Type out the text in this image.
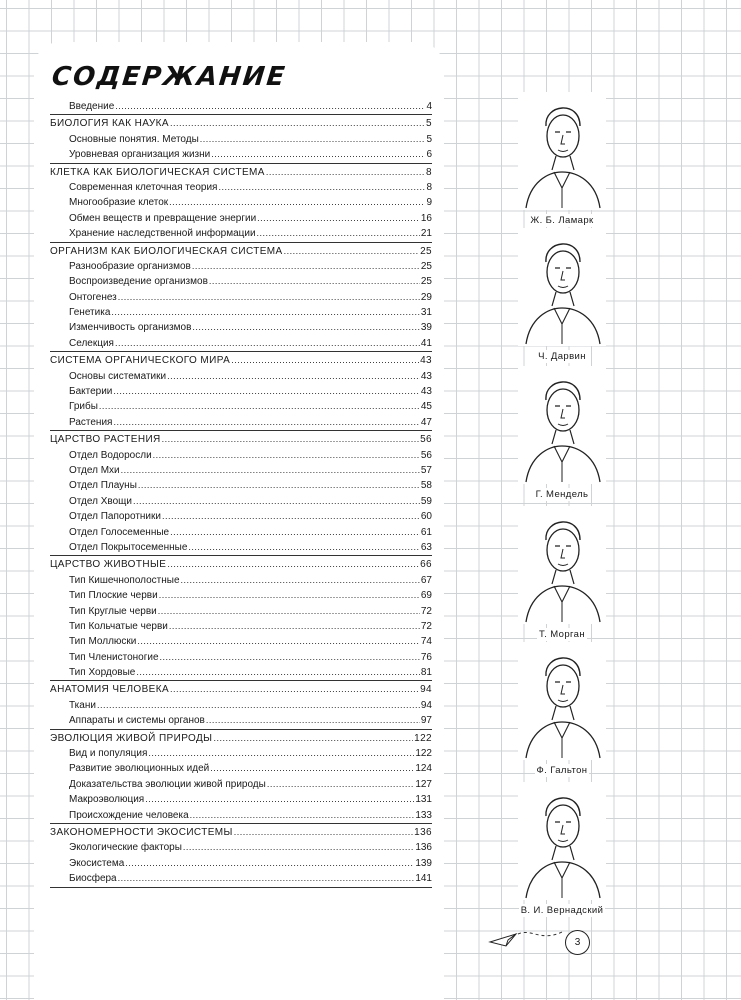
СОДЕРЖАНИЕ
Введение .....	4
БИОЛОГИЯ КАК НАУКА .....	5
Основные понятия. Методы .....	5
Уровневая организация жизни .....	6
КЛЕТКА КАК БИОЛОГИЧЕСКАЯ СИСТЕМА .....	8
Современная клеточная теория .....	8
Многообразие клеток .....	9
Обмен веществ и превращение энергии .....	16
Хранение наследственной информации .....	21
ОРГАНИЗМ КАК БИОЛОГИЧЕСКАЯ СИСТЕМА .....	25
Разнообразие организмов .....	25
Воспроизведение организмов .....	25
Онтогенез .....	29
Генетика .....	31
Изменчивость организмов .....	39
Селекция .....	41
СИСТЕМА ОРГАНИЧЕСКОГО МИРА .....	43
Основы систематики .....	43
Бактерии .....	43
Грибы .....	45
Растения .....	47
ЦАРСТВО РАСТЕНИЯ .....	56
Отдел Водоросли .....	56
Отдел Мхи .....	57
Отдел Плауны .....	58
Отдел Хвощи .....	59
Отдел Папоротники .....	60
Отдел Голосеменные .....	61
Отдел Покрытосеменные .....	63
ЦАРСТВО ЖИВОТНЫЕ .....	66
Тип Кишечнополостные .....	67
Тип Плоские черви .....	69
Тип Круглые черви .....	72
Тип Кольчатые черви .....	72
Тип Моллюски .....	74
Тип Членистоногие .....	76
Тип Хордовые .....	81
АНАТОМИЯ ЧЕЛОВЕКА .....	94
Ткани .....	94
Аппараты и системы органов .....	97
ЭВОЛЮЦИЯ ЖИВОЙ ПРИРОДЫ .....	122
Вид и популяция .....	122
Развитие эволюционных идей .....	124
Доказательства эволюции живой природы .....	127
Макроэволюция .....	131
Происхождение человека .....	133
ЗАКОНОМЕРНОСТИ ЭКОСИСТЕМЫ .....	136
Экологические факторы .....	136
Экосистема .....	139
Биосфера .....	141
Ж. Б. Ламарк
Ч. Дарвин
Г. Мендель
Т. Морган
Ф. Гальтон
В. И. Вернадский
3
